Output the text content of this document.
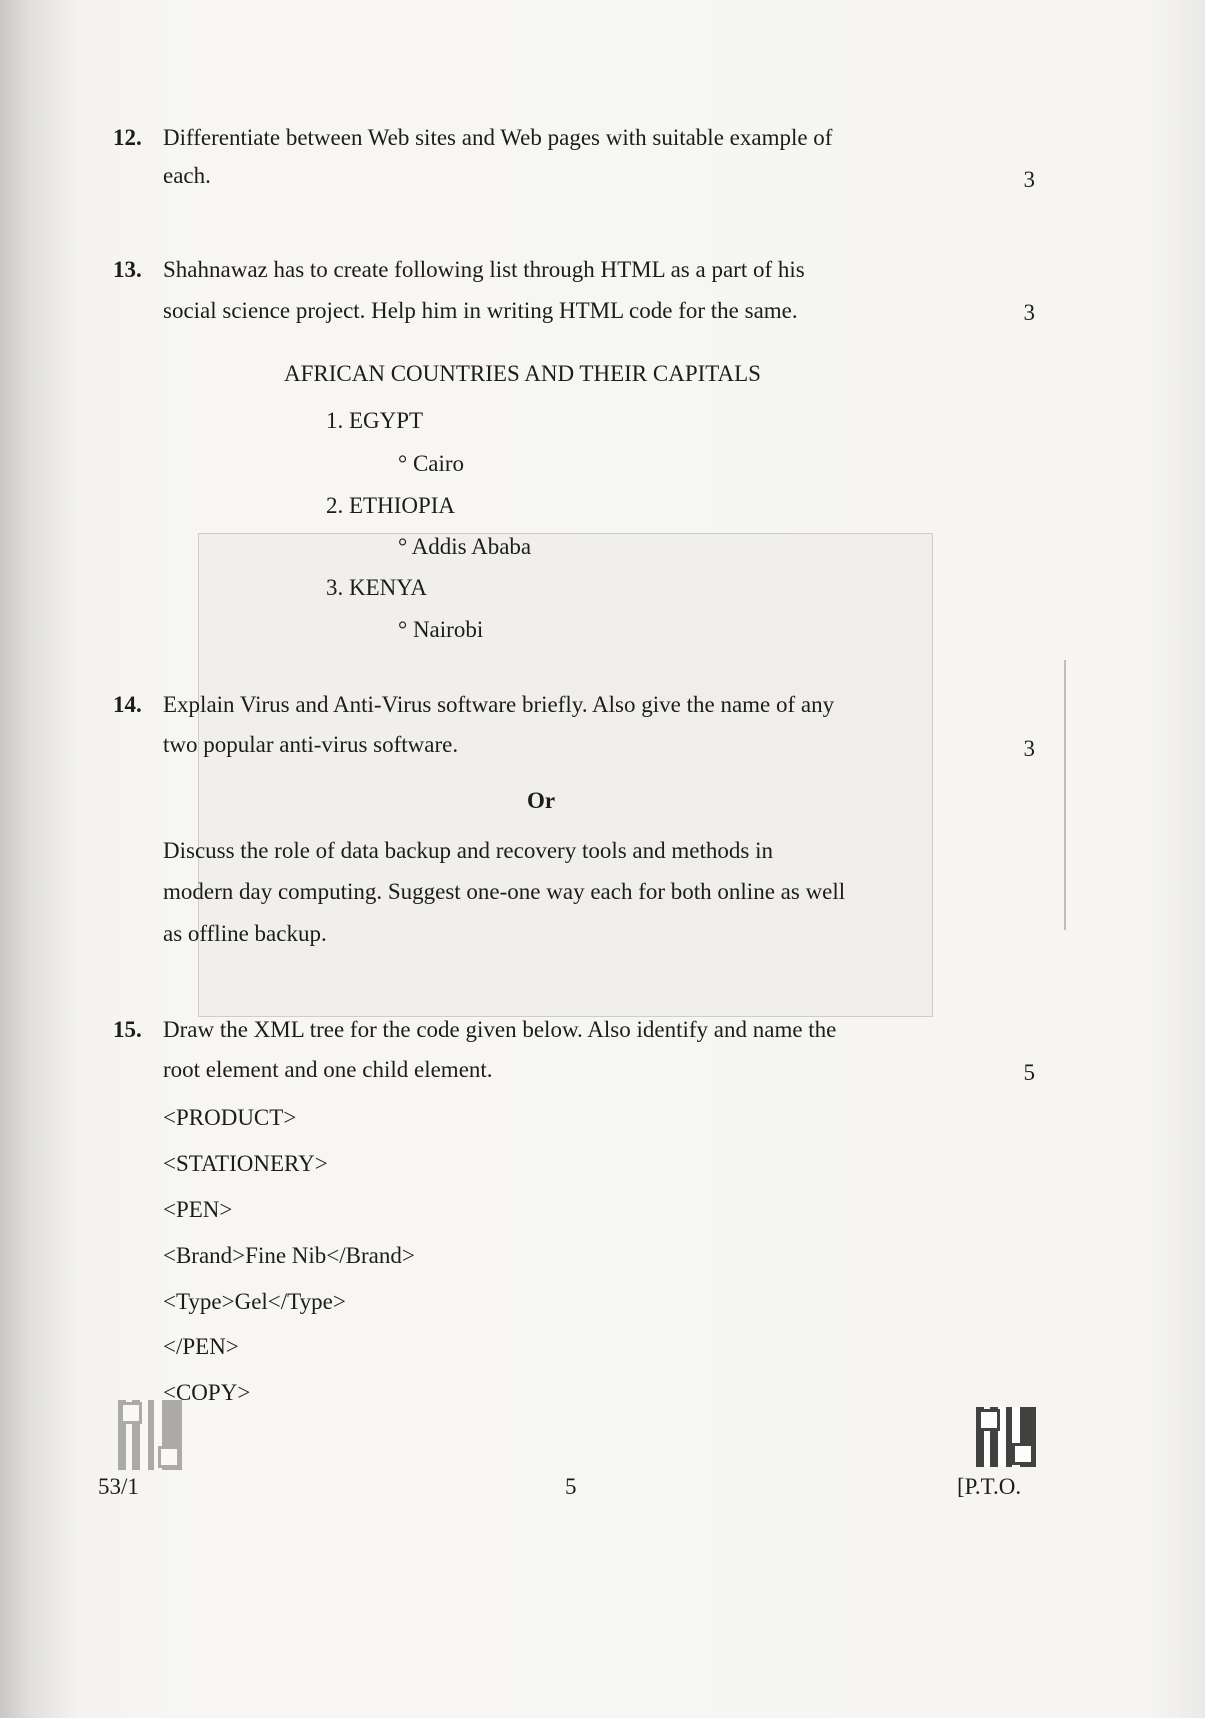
12. Differentiate between Web sites and Web pages with suitable example of
each.	3
13. Shahnawaz has to create following list through HTML as a part of his
social science project. Help him in writing HTML code for the same.	3
AFRICAN COUNTRIES AND THEIR CAPITALS
1. EGYPT
° Cairo
2. ETHIOPIA
° Addis Ababa
3. KENYA
° Nairobi
14. Explain Virus and Anti-Virus software briefly. Also give the name of any
two popular anti-virus software.	3
Or
Discuss the role of data backup and recovery tools and methods in
modern day computing. Suggest one-one way each for both online as well
as offline backup.
15. Draw the XML tree for the code given below. Also identify and name the
root element and one child element.	5
<PRODUCT>
<STATIONERY>
<PEN>
<Brand>Fine Nib</Brand>
<Type>Gel</Type>
</PEN>
<COPY>
53/1	5	[P.T.O.
